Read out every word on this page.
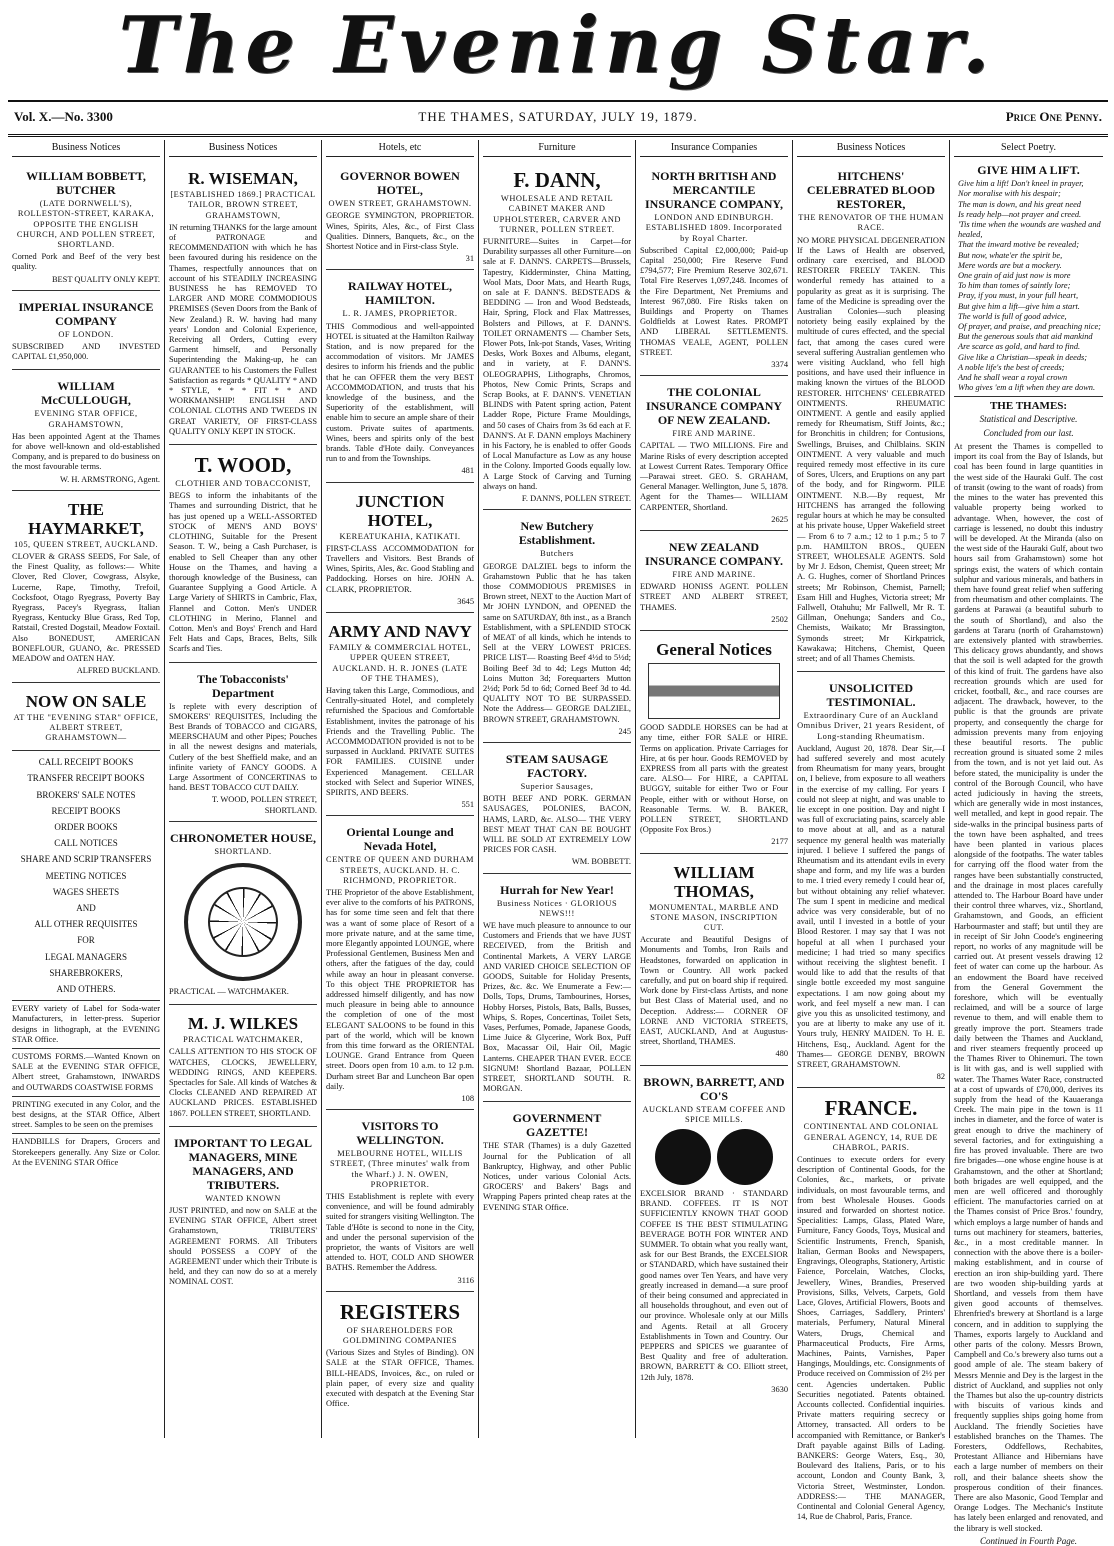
The Evening Star.
Vol. X.—No. 3300	THE THAMES, SATURDAY, JULY 19, 1879.	Price One Penny.
Business Notices
WILLIAM BOBBETT, BUTCHER
(LATE DORNWELL'S), ROLLESTON-STREET, KARAKA, OPPOSITE THE ENGLISH CHURCH, AND POLLEN STREET, SHORTLAND.
Corned Pork and Beef of the very best quality.
BEST QUALITY ONLY KEPT.
IMPERIAL INSURANCE COMPANY
OF LONDON.
SUBSCRIBED AND INVESTED CAPITAL £1,950,000.
WILLIAM McCULLOUGH,
EVENING STAR OFFICE, GRAHAMSTOWN,
Has been appointed Agent at the Thames for above well-known and old-established Company, and is prepared to do business on the most favourable terms.
W. H. ARMSTRONG, Agent.
THE HAYMARKET,
105, QUEEN STREET, AUCKLAND.
CLOVER & GRASS SEEDS, For Sale, of the Finest Quality, as follows:— White Clover, Red Clover, Cowgrass, Alsyke, Lucerne, Rape, Timothy, Trefoil, Cocksfoot, Otago Ryegrass, Poverty Bay Ryegrass, Pacey's Ryegrass, Italian Ryegrass, Kentucky Blue Grass, Red Top, Ratstail, Crested Dogstail, Meadow Foxtail. Also BONEDUST, AMERICAN BONEFLOUR, GUANO, &c. PRESSED MEADOW and OATEN HAY.
ALFRED BUCKLAND.
NOW ON SALE
AT THE "EVENING STAR" OFFICE, ALBERT STREET, GRAHAMSTOWN—
CALL RECEIPT BOOKS
TRANSFER RECEIPT BOOKS
BROKERS' SALE NOTES
RECEIPT BOOKS
ORDER BOOKS
CALL NOTICES
SHARE AND SCRIP TRANSFERS
MEETING NOTICES
WAGES SHEETS
AND
ALL OTHER REQUISITES
FOR
LEGAL MANAGERS
SHAREBROKERS,
AND OTHERS.
EVERY variety of Label for Soda-water Manufacturers, in letter-press. Superior designs in lithograph, at the EVENING STAR Office.
CUSTOMS FORMS.—Wanted Known on SALE at the EVENING STAR OFFICE, Albert street, Grahamstown, INWARDS and OUTWARDS COASTWISE FORMS
PRINTING executed in any Color, and the best designs, at the STAR Office, Albert street. Samples to be seen on the premises
HANDBILLS for Drapers, Grocers and Storekeepers generally. Any Size or Color. At the EVENING STAR Office
Business Notices
R. WISEMAN,
[ESTABLISHED 1869.] PRACTICAL TAILOR, BROWN STREET, GRAHAMSTOWN,
IN returning THANKS for the large amount of PATRONAGE and RECOMMENDATION with which he has been favoured during his residence on the Thames, respectfully announces that on account of his STEADILY INCREASING BUSINESS he has REMOVED TO LARGER AND MORE COMMODIOUS PREMISES (Seven Doors from the Bank of New Zealand.) R. W. having had many years' London and Colonial Experience, Receiving all Orders, Cutting every Garment himself, and Personally Superintending the Making-up, he can GUARANTEE to his Customers the Fullest Satisfaction as regards * QUALITY * AND * STYLE, * * * FIT * * AND WORKMANSHIP! ENGLISH AND COLONIAL CLOTHS AND TWEEDS IN GREAT VARIETY, OF FIRST-CLASS QUALITY ONLY KEPT IN STOCK.
T. WOOD,
CLOTHIER AND TOBACCONIST,
BEGS to inform the inhabitants of the Thames and surrounding District, that he has just opened up a WELL-ASSORTED STOCK of MEN'S AND BOYS' CLOTHING, Suitable for the Present Season. T. W., being a Cash Purchaser, is enabled to Sell Cheaper than any other House on the Thames, and having a thorough knowledge of the Business, can Guarantee Supplying a Good Article. A Large Variety of SHIRTS in Cambric, Flax, Flannel and Cotton. Men's UNDER CLOTHING in Merino, Flannel and Cotton. Men's and Boys' French and Hard Felt Hats and Caps, Braces, Belts, Silk Scarfs and Ties.
The Tobacconists' Department
Is replete with every description of SMOKERS' REQUISITES, Including the Best Brands of TOBACCO and CIGARS, MEERSCHAUM and other Pipes; Pouches in all the newest designs and materials, Cutlery of the best Sheffield make, and an infinite variety of FANCY GOODS. A Large Assortment of CONCERTINAS to hand. BEST TOBACCO CUT DAILY.
T. WOOD, POLLEN STREET, SHORTLAND.
CHRONOMETER HOUSE,
SHORTLAND.
PRACTICAL — WATCHMAKER.
M. J. WILKES
PRACTICAL WATCHMAKER,
CALLS ATTENTION TO HIS STOCK OF WATCHES, CLOCKS, JEWELLERY, WEDDING RINGS, AND KEEPERS. Spectacles for Sale. All kinds of Watches & Clocks CLEANED AND REPAIRED AT AUCKLAND PRICES. ESTABLISHED 1867. POLLEN STREET, SHORTLAND.
IMPORTANT TO LEGAL MANAGERS, MINE MANAGERS, AND TRIBUTERS.
WANTED KNOWN
JUST PRINTED, and now on SALE at the EVENING STAR OFFICE, Albert street Grahamstown, TRIBUTERS' AGREEMENT FORMS. All Tributers should POSSESS a COPY of the AGREEMENT under which their Tribute is held, and they can now do so at a merely NOMINAL COST.
Hotels, etc
GOVERNOR BOWEN HOTEL,
OWEN STREET, GRAHAMSTOWN.
GEORGE SYMINGTON, PROPRIETOR. Wines, Spirits, Ales, &c., of First Class Qualities. Dinners, Banquets, &c., on the Shortest Notice and in First-class Style.
31
RAILWAY HOTEL, HAMILTON.
L. R. JAMES, PROPRIETOR.
THIS Commodious and well-appointed HOTEL is situated at the Hamilton Railway Station, and is now prepared for the accommodation of visitors. Mr JAMES desires to inform his friends and the public that he can OFFER them the very BEST ACCOMMODATION, and trusts that his knowledge of the business, and the Superiority of the establishment, will enable him to secure an ample share of their custom. Private suites of apartments. Wines, beers and spirits only of the best brands. Table d'Hote daily. Conveyances run to and from the Townships.
481
JUNCTION HOTEL,
KEREATUKAHIA, KATIKATI.
FIRST-CLASS ACCOMMODATION for Travellers and Visitors. Best Brands of Wines, Spirits, Ales, &c. Good Stabling and Paddocking. Horses on hire. JOHN A. CLARK, PROPRIETOR.
3645
ARMY AND NAVY
FAMILY & COMMERCIAL HOTEL, UPPER QUEEN STREET, AUCKLAND. H. R. JONES (LATE OF THE THAMES),
Having taken this Large, Commodious, and Centrally-situated Hotel, and completely refurnished the Spacious and Comfortable Establishment, invites the patronage of his Friends and the Travelling Public. The ACCOMMODATION provided is not to be surpassed in Auckland. PRIVATE SUITES FOR FAMILIES. CUISINE under Experienced Management. CELLAR stocked with Select and Superior WINES, SPIRITS, AND BEERS.
551
Oriental Lounge and Nevada Hotel,
CENTRE OF QUEEN AND DURHAM STREETS, AUCKLAND. H. C. RICHMOND, PROPRIETOR.
THE Proprietor of the above Establishment, ever alive to the comforts of his PATRONS, has for some time seen and felt that there was a want of some place of Resort of a more private nature, and at the same time, more Elegantly appointed LOUNGE, where Professional Gentlemen, Business Men and others, after the fatigues of the day, could while away an hour in pleasant converse. To this object THE PROPRIETOR has addressed himself diligently, and has now much pleasure in being able to announce the completion of one of the most ELEGANT SALOONS to be found in this part of the world, which will be known from this time forward as the ORIENTAL LOUNGE. Grand Entrance from Queen street. Doors open from 10 a.m. to 12 p.m. Durham street Bar and Luncheon Bar open daily.
108
VISITORS TO WELLINGTON.
MELBOURNE HOTEL, WILLIS STREET, (Three minutes' walk from the Wharf.) J. N. OWEN, PROPRIETOR.
THIS Establishment is replete with every convenience, and will be found admirably suited for strangers visiting Wellington. The Table d'Hôte is second to none in the City, and under the personal supervision of the proprietor, the wants of Visitors are well attended to. HOT, COLD AND SHOWER BATHS. Remember the Address.
3116
REGISTERS
OF SHAREHOLDERS FOR GOLDMINING COMPANIES
(Various Sizes and Styles of Binding). ON SALE at the STAR OFFICE, Thames. BILL-HEADS, Invoices, &c., on ruled or plain paper, of every size and quality executed with despatch at the Evening Star Office.
Furniture
F. DANN,
WHOLESALE AND RETAIL CABINET MAKER AND UPHOLSTERER, CARVER AND TURNER, POLLEN STREET.
FURNITURE—Suites in Carpet—for Durability surpasses all other Furniture—on sale at F. DANN'S. CARPETS—Brussels, Tapestry, Kidderminster, China Matting, Wool Mats, Door Mats, and Hearth Rugs, on sale at F. DANN'S. BEDSTEADS & BEDDING — Iron and Wood Bedsteads, Hair, Spring, Flock and Flax Mattresses, Bolsters and Pillows, at F. DANN'S. TOILET ORNAMENTS — Chamber Sets, Flower Pots, Ink-pot Stands, Vases, Writing Desks, Work Boxes and Albums, elegant, and in variety, at F. DANN'S. OLEOGRAPHS, Lithographs, Chromos, Photos, New Comic Prints, Scraps and Scrap Books, at F. DANN'S. VENETIAN BLINDS with Patent spring action, Patent Ladder Rope, Picture Frame Mouldings, and 50 cases of Chairs from 3s 6d each at F. DANN'S. At F. DANN employs Machinery in his Factory, he is enabled to offer Goods of Local Manufacture as Low as any house in the Colony. Imported Goods equally low. A Large Stock of Carving and Turning always on hand.
F. DANN'S, POLLEN STREET.
New Butchery Establishment.
Butchers
GEORGE DALZIEL begs to inform the Grahamstown Public that he has taken those COMMODIOUS PREMISES in Brown street, NEXT to the Auction Mart of Mr JOHN LYNDON, and OPENED the same on SATURDAY, 8th inst., as a Branch Establishment, with a SPLENDID STOCK of MEAT of all kinds, which he intends to Sell at the VERY LOWEST PRICES. PRICE LIST— Roasting Beef 4½d to 5½d; Boiling Beef 3d to 4d; Legs Mutton 4d; Loins Mutton 3d; Forequarters Mutton 2½d; Pork 5d to 6d; Corned Beef 3d to 4d. QUALITY NOT TO BE SURPASSED. Note the Address— GEORGE DALZIEL, BROWN STREET, GRAHAMSTOWN.
245
STEAM SAUSAGE FACTORY.
Superior Sausages,
BOTH BEEF AND PORK. GERMAN SAUSAGES, POLONIES, BACON, HAMS, LARD, &c. ALSO— THE VERY BEST MEAT THAT CAN BE BOUGHT WILL BE SOLD AT EXTREMELY LOW PRICES FOR CASH.
WM. BOBBETT.
Hurrah for New Year!
Business Notices · GLORIOUS NEWS!!!
WE have much pleasure to announce to our Customers and Friends that we have JUST RECEIVED, from the British and Continental Markets, A VERY LARGE AND VARIED CHOICE SELECTION OF GOODS, Suitable for Holiday Presents, Prizes, &c. &c. We Enumerate a Few:— Dolls, Tops, Drums, Tambourines, Horses, Hobby Horses, Pistols, Bats, Balls, Busses, Whips, S. Ropes, Concertinas, Toilet Sets, Vases, Perfumes, Pomade, Japanese Goods, Lime Juice & Glycerine, Work Box, Puff Box, Macassar Oil, Hair Oil, Magic Lanterns. CHEAPER THAN EVER. ECCE SIGNUM! Shortland Bazaar, POLLEN STREET, SHORTLAND SOUTH. R. MORGAN.
GOVERNMENT GAZETTE!
THE STAR (Thames) is a duly Gazetted Journal for the Publication of all Bankruptcy, Highway, and other Public Notices, under various Colonial Acts. GROCERS' and Bakers' Bags and Wrapping Papers printed cheap rates at the EVENING STAR Office.
Insurance Companies
NORTH BRITISH AND MERCANTILE INSURANCE COMPANY,
LONDON AND EDINBURGH. ESTABLISHED 1809. Incorporated by Royal Charter.
Subscribed Capital £2,000,000; Paid-up Capital 250,000; Fire Reserve Fund £794,577; Fire Premium Reserve 302,671. Total Fire Reserves 1,097,248. Incomes of the Fire Department, Net Premiums and Interest 967,080. Fire Risks taken on Buildings and Property on Thames Goldfields at Lowest Rates. PROMPT AND LIBERAL SETTLEMENTS. THOMAS VEALE, AGENT, POLLEN STREET.
3374
THE COLONIAL INSURANCE COMPANY OF NEW ZEALAND.
FIRE AND MARINE.
CAPITAL — TWO MILLIONS. Fire and Marine Risks of every description accepted at Lowest Current Rates. Temporary Office—Parawai street. GEO. S. GRAHAM, General Manager. Wellington, June 5, 1878. Agent for the Thames— WILLIAM CARPENTER, Shortland.
2625
NEW ZEALAND INSURANCE COMPANY.
FIRE AND MARINE.
EDWARD HONISS AGENT. POLLEN STREET AND ALBERT STREET, THAMES.
2502
General Notices
GOOD SADDLE HORSES can be had at any time, either FOR SALE or HIRE. Terms on application. Private Carriages for Hire, at 6s per hour. Goods REMOVED by EXPRESS from all parts with the greatest care. ALSO— For HIRE, a CAPITAL BUGGY, suitable for either Two or Four People, either with or without Horse, on Reasonable Terms. W. B. BAKER, POLLEN STREET, SHORTLAND (Opposite Fox Bros.)
2177
WILLIAM THOMAS,
MONUMENTAL, MARBLE AND STONE MASON, INSCRIPTION CUT.
Accurate and Beautiful Designs of Monuments and Tombs, Iron Rails and Headstones, forwarded on application in Town or Country. All work packed carefully, and put on board ship if required. Work done by First-class Artists, and none but Best Class of Material used, and no Deception. Address:— CORNER OF LORNE AND VICTORIA STREETS, EAST, AUCKLAND, And at Augustus-street, Shortland, THAMES.
480
BROWN, BARRETT, AND CO'S
AUCKLAND STEAM COFFEE AND SPICE MILLS.
EXCELSIOR BRAND · STANDARD BRAND. COFFEES. IT IS NOT SUFFICIENTLY KNOWN THAT GOOD COFFEE IS THE BEST STIMULATING BEVERAGE BOTH FOR WINTER AND SUMMER. To obtain what you really want, ask for our Best Brands, the EXCELSIOR or STANDARD, which have sustained their good names over Ten Years, and have very greatly increased in demand—a sure proof of their being consumed and appreciated in all households throughout, and even out of our province. Wholesale only at our Mills and Agents. Retail at all Grocery Establishments in Town and Country. Our PEPPERS and SPICES we guarantee of Best Quality and free of adulteration. BROWN, BARRETT & CO. Elliott street, 12th July, 1878.
3630
Business Notices
HITCHENS' CELEBRATED BLOOD RESTORER,
THE RENOVATOR OF THE HUMAN RACE.
NO MORE PHYSICAL DEGENERATION If the Laws of Health are observed, ordinary care exercised, and BLOOD RESTORER FREELY TAKEN. This wonderful remedy has attained to a popularity as great as it is surprising. The fame of the Medicine is spreading over the Australian Colonies—such pleasing notoriety being easily explained by the multitude of cures effected, and the special fact, that among the cases cured were several suffering Australian gentlemen who were visiting Auckland, who fell high positions, and have used their influence in making known the virtues of the BLOOD RESTORER. HITCHENS' CELEBRATED OINTMENTS. RHEUMATIC OINTMENT. A gentle and easily applied remedy for Rheumatism, Stiff Joints, &c.; for Bronchitis in children; for Contusions, Swellings, Bruises, and Chilblains. SKIN OINTMENT. A very valuable and much required remedy most effective in its cure of Sores, Ulcers, and Eruptions on any part of the body, and for Ringworm. PILE OINTMENT. N.B.—By request, Mr HITCHENS has arranged the following regular hours at which he may be consulted at his private house, Upper Wakefield street— From 6 to 7 a.m.; 12 to 1 p.m.; 5 to 7 p.m. HAMILTON BROS., QUEEN STREET, WHOLESALE AGENTS. Sold by Mr J. Edson, Chemist, Queen street; Mr A. G. Hughes, corner of Shortland Princes streets; Mr Robinson, Chemist, Parnell; Esam Hill and Hughes, Victoria street; Mr Fallwell, Otahuhu; Mr Fallwell, Mr R. T. Gillman, Onehunga; Sanders and Co., Chemists, Waikato; Mr Brassington, Symonds street; Mr Kirkpatrick, Kawakawa; Hitchens, Chemist, Queen street; and of all Thames Chemists.
UNSOLICITED TESTIMONIAL.
Extraordinary Cure of an Auckland Omnibus Driver, 21 years Resident, of Long-standing Rheumatism.
Auckland, August 20, 1878. Dear Sir,—I had suffered severely and most acutely from Rheumatism for many years, brought on, I believe, from exposure to all weathers in the exercise of my calling. For years I could not sleep at night, and was unable to lie except in one position. Day and night I was full of excruciating pains, scarcely able to move about at all, and as a natural sequence my general health was materially injured. I believe I suffered the pangs of Rheumatism and its attendant evils in every shape and form, and my life was a burden to me. I tried every remedy I could hear of, but without obtaining any relief whatever. The sum I spent in medicine and medical advice was very considerable, but of no avail, until I invested in a bottle of your Blood Restorer. I may say that I was not hopeful at all when I purchased your medicine; I had tried so many specifics without receiving the slightest benefit. I would like to add that the results of that single bottle exceeded my most sanguine expectations. I am now going about my work, and feel myself a new man. I can give you this as unsolicited testimony, and you are at liberty to make any use of it. Yours truly, HENRY MAIDEN. To H. E. Hitchens, Esq., Auckland. Agent for the Thames— GEORGE DENBY, BROWN STREET, GRAHAMSTOWN.
82
FRANCE.
CONTINENTAL AND COLONIAL GENERAL AGENCY, 14, RUE DE CHABROL, PARIS.
Continues to execute orders for every description of Continental Goods, for the Colonies, &c., markets, or private individuals, on most favourable terms, and from best Wholesale Houses. Goods insured and forwarded on shortest notice. Specialities: Lamps, Glass, Plated Ware, Furniture, Fancy Goods, Toys, Musical and Scientific Instruments, French, Spanish, Italian, German Books and Newspapers, Engravings, Oleographs, Stationery, Artistic Faience, Porcelain, Watches, Clocks, Jewellery, Wines, Brandies, Preserved Provisions, Silks, Velvets, Carpets, Gold Lace, Gloves, Artificial Flowers, Boots and Shoes, Carriages, Saddlery, Printers' materials, Perfumery, Natural Mineral Waters, Drugs, Chemical and Pharmaceutical Products, Fire Arms, Machines, Paints, Varnishes, Paper Hangings, Mouldings, etc. Consignments of Produce received on Commission of 2½ per cent. Agencies undertaken. Public Securities negotiated. Patents obtained. Accounts collected. Confidential inquiries. Private matters requiring secrecy or Attorney, transacted. All orders to be accompanied with Remittance, or Banker's Draft payable against Bills of Lading. BANKERS: George Waters, Esq., 30, Boulevard des Italiens, Paris, or to his account, London and County Bank, 3, Victoria Street, Westminster, London. ADDRESS:— THE MANAGER, Continental and Colonial General Agency, 14, Rue de Chabrol, Paris, France.
Select Poetry.
GIVE HIM A LIFT.
Give him a lift! Don't kneel in prayer,
Nor moralise with his despair;
The man is down, and his great need
Is ready help—not prayer and creed.
'Tis time when the wounds are washed and healed,
That the inward motive be revealed;
But now, whate'er the spirit be,
Mere words are but a mockery.
One grain of aid just now is more
To him than tomes of saintly lore;
Pray, if you must, in your full heart,
But give him a lift—give him a start.
The world is full of good advice,
Of prayer, and praise, and preaching nice;
But the generous souls that aid mankind
Are scarce as gold, and hard to find.
Give like a Christian—speak in deeds;
A noble life's the best of creeds;
And he shall wear a royal crown
Who gives 'em a lift when they are down.
THE THAMES:
Statistical and Descriptive.
Concluded from our last.
At present the Thames is compelled to import its coal from the Bay of Islands, but coal has been found in large quantities in the west side of the Hauraki Gulf. The cost of transit (owing to the want of roads) from the mines to the water has prevented this valuable property being worked to advantage. When, however, the cost of carriage is lessened, no doubt this industry will be developed. At the Miranda (also on the west side of the Hauraki Gulf, about two hours sail from Grahamstown) some hot springs exist, the waters of which contain sulphur and various minerals, and bathers in them have found great relief when suffering from rheumatism and other complaints. The gardens at Parawai (a beautiful suburb to the south of Shortland), and also the gardens at Tararu (north of Grahamstown) are extensively planted with strawberries. This delicacy grows abundantly, and shows that the soil is well adapted for the growth of this kind of fruit. The gardens have also recreation grounds which are used for cricket, football, &c., and race courses are adjacent. The drawback, however, to the public is that the grounds are private property, and consequently the charge for admission prevents many from enjoying these beautiful resorts. The public recreation ground is situated some 2 miles from the town, and is not yet laid out. As before stated, the municipality is under the control of the Borough Council, who have acted judiciously in having the streets, which are generally wide in most instances, well metalled, and kept in good repair. The side-walks in the principal business parts of the town have been asphalted, and trees have been planted in various places alongside of the footpaths. The water tables for carrying off the flood water from the ranges have been substantially constructed, and the drainage in most places carefully attended to. The Harbour Board have under their control three wharves, viz., Shortland, Grahamstown, and Goods, an efficient Harbourmaster and staff; but until they are in receipt of Sir John Coode's engineering report, no works of any magnitude will be carried out. At present vessels drawing 12 feet of water can come up the harbour. As an endowment the Board have received from the General Government the foreshore, which will be eventually reclaimed, and will be a source of large revenue to them, and will enable them to greatly improve the port. Steamers trade daily between the Thames and Auckland, and river steamers frequently proceed up the Thames River to Ohinemuri. The town is lit with gas, and is well supplied with water. The Thames Water Race, constructed at a cost of upwards of £70,000, derives its supply from the head of the Kauaeranga Creek. The main pipe in the town is 11 inches in diameter, and the force of water is great enough to drive the machinery of several factories, and for extinguishing a fire has proved invaluable. There are two fire brigades—one whose engine house is at Grahamstown, and the other at Shortland; both brigades are well equipped, and the men are well officered and thoroughly efficient. The manufactories carried on at the Thames consist of Price Bros.' foundry, which employs a large number of hands and turns out machinery for steamers, batteries, &c., in a most creditable manner. In connection with the above there is a boiler-making establishment, and in course of erection an iron ship-building yard. There are two wooden ship-building yards at Shortland, and vessels from them have given good accounts of themselves. Ehrenfried's brewery at Shortland is a large concern, and in addition to supplying the Thames, exports largely to Auckland and other parts of the colony. Messrs Brown, Campbell and Co.'s brewery also turns out a good ample of ale. The steam bakery of Messrs Mennie and Dey is the largest in the district of Auckland, and supplies not only the Thames but also the up-country districts with biscuits of various kinds and frequently supplies ships going home from Auckland. The friendly Societies have established branches on the Thames. The Foresters, Oddfellows, Rechabites, Protestant Alliance and Hibernians have each a large number of members on their roll, and their balance sheets show the prosperous condition of their finances. There are also Masonic, Good Templar and Orange Lodges. The Mechanic's Institute has lately been enlarged and renovated, and the library is well stocked.
Continued in Fourth Page.
